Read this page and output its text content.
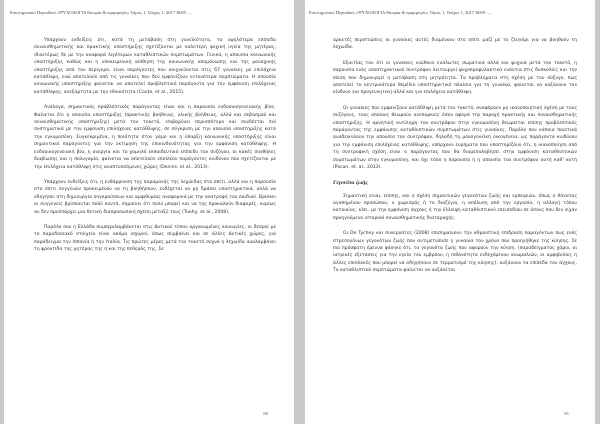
Επιστημονικό Περιοδικό «ΨΥΧΟΛΟΓΙΑ Θεωρία & εφαρμογές» Τόμος 1, Τεύχος 1, 2017 ISSN .....

Υπάρχουν ενδείξεις ότι, κατά τη μετάβαση στη γονεϊκότητα, τα υψηλότερα επίπεδα συναισθηματικής και πρακτικής υποστήριξης σχετίζονται με καλύτερη ψυχική υγεία της μητέρας, ιδιαιτέρως δε με την αναφορά λιγότερων καταθλιπτικών συμπτωμάτων. Γενικά, η απουσία κοινωνικής υποστήριξης καθώς και η υποκειμενική αίσθηση της κοινωνικής απομόνωσης και της μοναχικής υποστήριξης από τον περίγυρο, είναι παράγοντες που ανιχνεύονται στις 67 γυναίκες με επιλόχεια κατάθλιψη, ενώ αποτελούν από τις γυναίκες που δεν εμφανίζουν εντονότερα συμπτώματα. Η απουσία κοινωνικής υποστήριξης φαίνεται να αποτελεί προβλεπτικό παράγοντα για την εμφάνιση επιλόχειας κατάθλιψης, ανεξάρτητα με την εθνικότητα (Couto, et al., 2015).

Ανάλογα, σημαντικός προβλεπτικός παράγοντας είναι και η παρουσία ενδοοικογενειακής βίας. Φαίνεται ότι η απουσία υποστήριξης (πρακτικής βοήθειας, υλικής βοήθειας, αλλά και σεβασμού και συναισθηματικής υποστήριξης) μετά τον τοκετό, επιβαρύνει περισσότερο και συνδέεται πιο συστηματικά με την εμφάνιση επιλόχειας κατάθλιψης, σε σύγκριση με την απουσία υποστήριξης κατά την εγκυμοσύνη. Συγκεκριμένα, η ποιότητα στον γάμο και η ύπαρξη κοινωνικής υποστήριξης είναι σημαντικοί παράγοντες για την εκτίμηση της επικινδυνότητας για την εμφάνιση κατάθλιψης. Η ενδοοικογενειακή βία, η ανεργία και το χαμηλό εκπαιδευτικό επίπεδο του συζύγου, οι κακές συνθήκες διαβίωσης και η πολυγαμία, φαίνεται να αποτελούν επιπλέον παράγοντες κινδύνου που σχετίζονται με την επιλόχεια κατάθλιψη στις αναπτυσσόμενες χώρες (Dennis, et al., 2013).

Υπάρχουν ενδείξεις ότι, η ενθάρρυνση της παραμονής της λεχώιδας στο σπίτι, αλλά και η παρουσία στο σπίτι συγγενών προκειμένου να τη βοηθήσουν, ενδέχεται να μη δράσει υποστηρικτικά, αλλά να οδηγήσει στη δημιουργία συγκρούσεων και αμφιθυμίας αναφορικά με την ανατροφή του παιδιού. Βρίσκει οι συγγενείς βρίσκονται πολύ κοντά, σημαίνει ότι πολύ μπορεί και να της προκαλούν διαφορές, κυρίως αν δεν προϋπάρχει μια θετική διαπροσωπική σχέση μεταξύ τους (Tuohy, et al., 2008).

Παρόλο που η Ελλάδα συμπεριλαμβάνεται στις Δυτικού τύπου οργανωμένες κοινωνίες, οι δεσμοί με το παραδοσιακό στοιχείο είναι ακόμα ισχυροί, όπως συμβαίνει και σε άλλες Δυτικές χώρες, για παράδειγμα την Ισπανία ή την Ιταλία. Τις πρώτες μέρες μετά τον τοκετό συχνά η λεχωίδα αναλαμβάνει τη φροντίδα της μητέρας της ή και της πεθεράς της. Σε

80
Επιστημονικό Περιοδικό «ΨΥΧΟΛΟΓΙΑ Θεωρία & εφαρμογές» Τόμος 1, Τεύχος 1, 2017 ISSN .....

αρκετές περιπτώσεις οι γυναίκες αυτές διαμένουν στο σπίτι μαζί με το ζευγάρι για να βοηθούν τη λεχωίδα.

Εξαιτίας του ότι οι γυναίκες νιώθουν ευάλωτες σωματικά αλλά και ψυχικά μετά τον τοκετό, η παρουσία ενός υποστηρικτικού συντρόφου λειτουργεί ψυχοπροφυλακτικά ενάντια στις δυσκολίες και την πίεση που δημιουργεί η μετάβαση στη μητρότητα. Τα προβλήματα στη σχέση με τον σύζυγο, πως αποτελεί το κεντρικότερο θεμέλιο υποστηρικτικό πλαίσιο για τη γυναίκα, φαίνεται να αυξάνουν τον κίνδυνο για προγεννητική αλλά και για επιλόχεια κατάθλιψη.

Οι γυναίκες που εμφανίζουν κατάθλιψη μετά τον τοκετό, αναφέρουν μη ικανοποιητική σχέση με τους συζύγους, τους οποίους θεωρούν ανεπαρκείς όσον αφορά την παροχή πρακτικής και συναισθηματικής υποστήριξης. Η αρνητική αντίληψη του συντρόφου στην εγκυμοσύνη θεωρείται επίσης προβλεπτικός παράγοντας της εμφάνισης καταθλιπτικών συμπτωμάτων στις γυναίκες. Παρόλο που κάποια ποιοτικά αναδεικνύουν την απουσία του συντρόφου, δηλαδή τη μονογονεϊκή οικογένεια, ως παράγοντα κινδύνου για την εμφάνιση επιλόχειας κατάθλιψης, υπάρχουν ευρήματα που υποστηρίζουν ότι, η ικανοποίηση από τη συντροφική σχέση είναι ο παράγοντας που θα διαμεσολαβήσει στην εμφάνιση καταθλιπτικών συμπτωμάτων στην εγκυμοσύνη, και όχι τόσο η παρουσία ή η απουσία του συντρόφου αυτή καθ' αυτή (Pocan, et. al., 2013).

Γεγονότα ζωής

Σημαντική είναι, επίσης, και η σχέση σημαντικών γεγονότων ζωής και εμπειριών, όπως ο θάνατος αγαπημένου προσώπου, ο χωρισμός ή το διαζύγιο, η απόλυση από την εργασία, η αλλαγή τόπου κατοικίας, κλπ., με την εμφάνιση άγχους ή την έλλειψη καταθλιπτικού επεισοδίου σε όσους που δεν είχαν προηγούμενο ιστορικό συναισθηματικής διαταραχής.

Οι De Tychey και συνεργάτες (2008) επισημαίνουν την αθροιστική επίδραση παραγόντων πως ενός στρεσογόνων γεγονότων ζωής που αντιμετώπισε η γυναίκα τον χρόνο που προηγήθηκε της κύησης. Σε πιο πρόσφατη έρευνα φάνηκε ότι, τα γεγονότα ζωής που αφορούν την κύηση, (παραδείγματος χάριν, οι ιατρικές εξετάσεις για την υγεία του εμβρύου, η πιθανότητα ενδεχόμενου ανωμαλιών, οι αμφιβολίες ή άλλες επιπλοκές που μπορεί να οδηγήσουν σε τερματισμό της κύησης), αυξάνουν τα επίπεδα του άγχους. Το καταθλιπτικά συμπτώματα φαίνεται να αυξάνεται

81
